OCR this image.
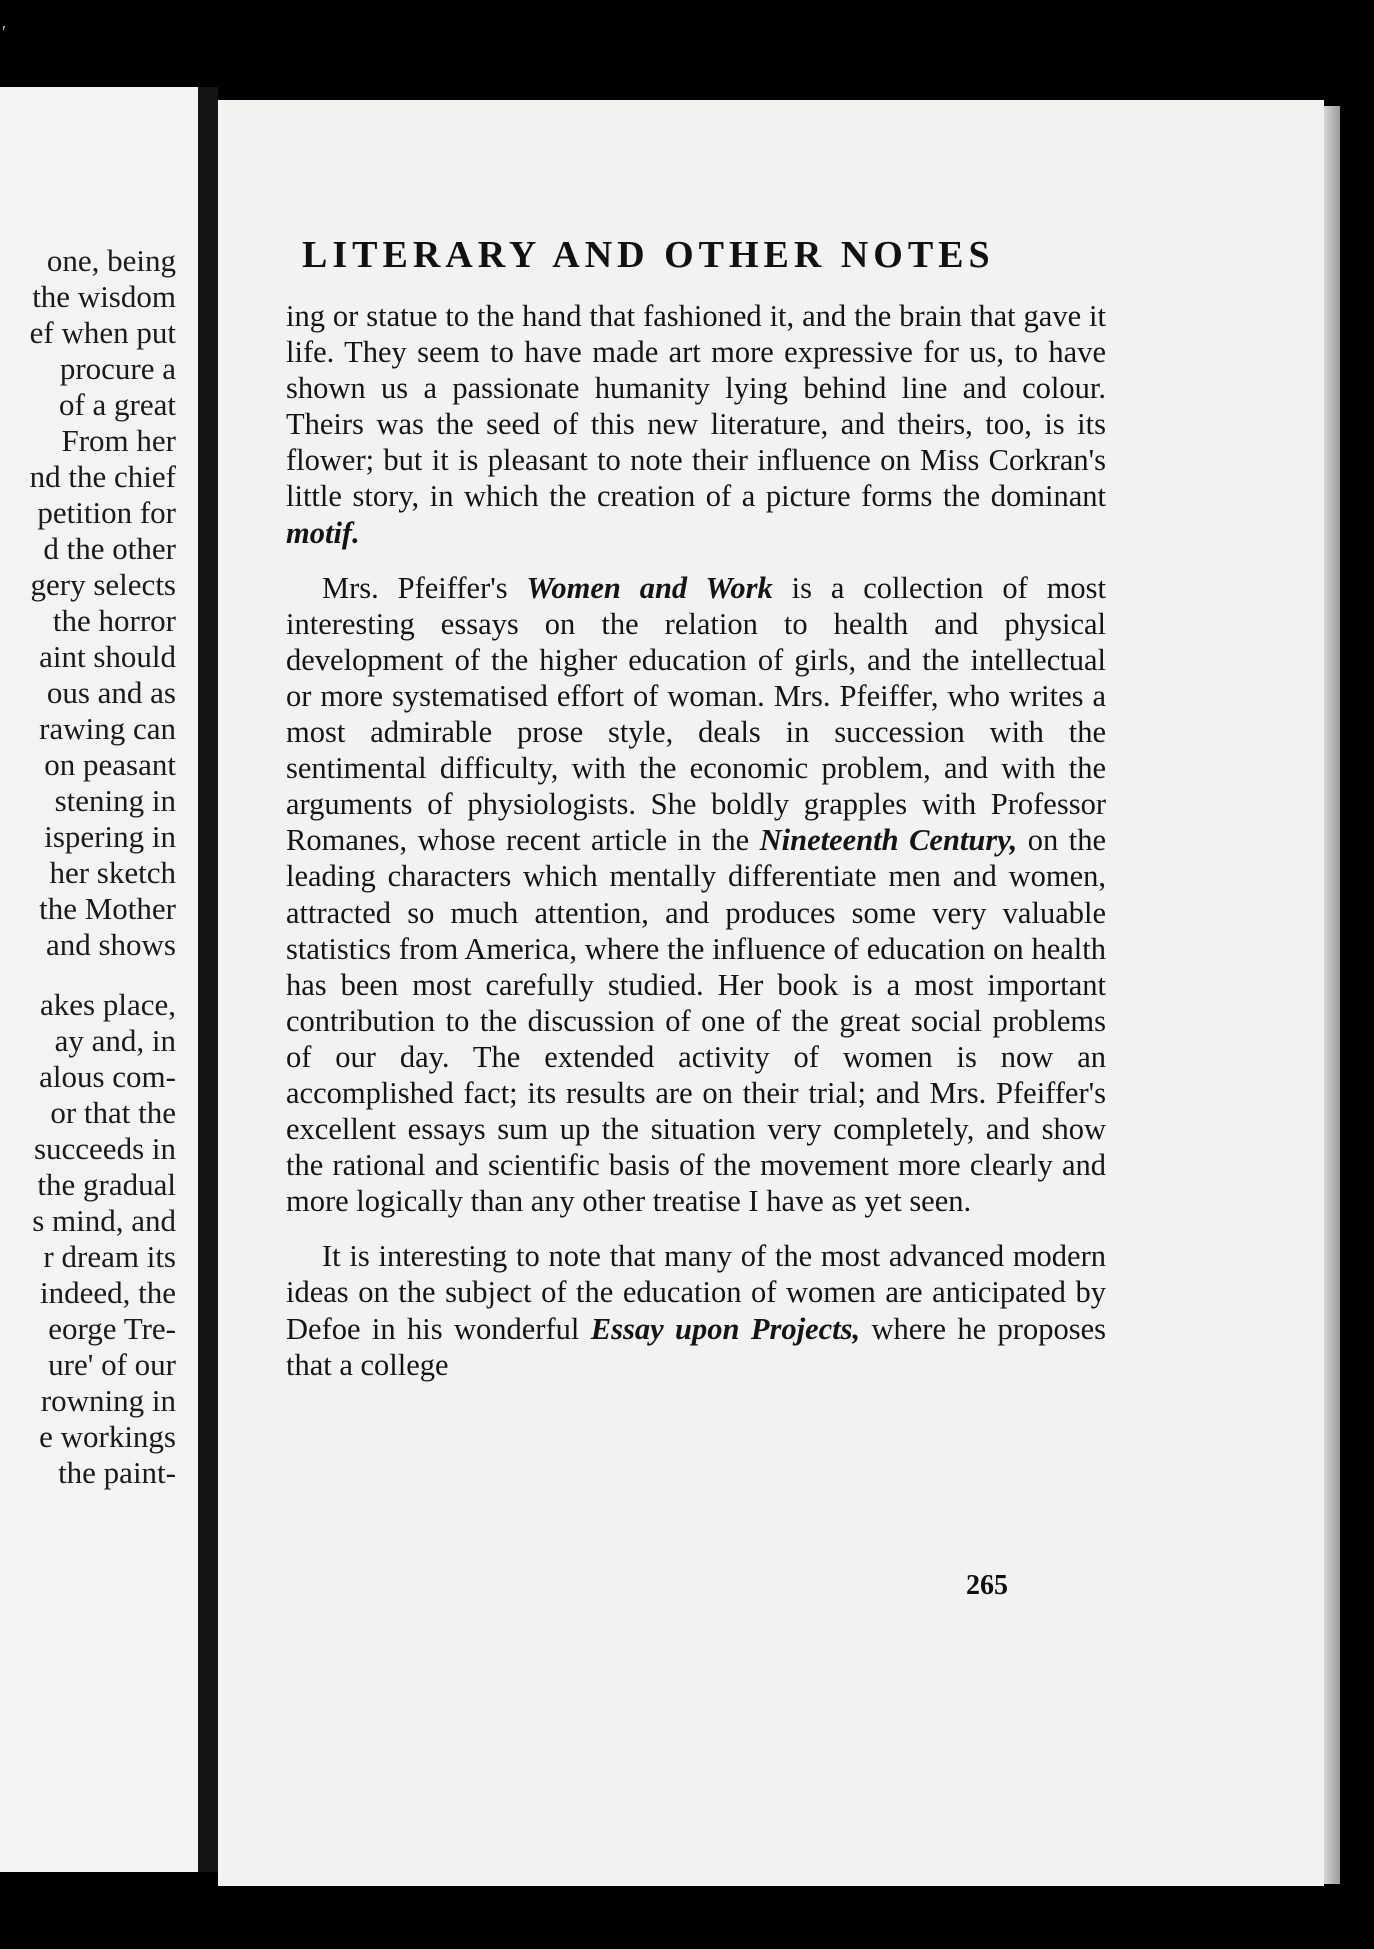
′
one, being
the wisdom
ef when put
procure a
of a great
From her
nd the chief
petition for
d the other
gery selects
the horror
aint should
ous and as
rawing can
on peasant
stening in
ispering in
her sketch
the Mother
and shows
akes place,
ay and, in
alous com-
or that the
succeeds in
the gradual
s mind, and
r dream its
indeed, the
eorge Tre-
ure' of our
rowning in
e workings
the paint-
LITERARY AND OTHER NOTES

ing or statue to the hand that fashioned it, and the brain that gave it life. They seem to have made art more expressive for us, to have shown us a passionate humanity lying behind line and colour. Theirs was the seed of this new literature, and theirs, too, is its flower; but it is pleasant to note their influence on Miss Corkran's little story, in which the creation of a picture forms the dominant motif.

Mrs. Pfeiffer's Women and Work is a collection of most interesting essays on the relation to health and physical development of the higher education of girls, and the intellectual or more systematised effort of woman. Mrs. Pfeiffer, who writes a most admirable prose style, deals in succession with the sentimental difficulty, with the economic problem, and with the arguments of physiologists. She boldly grapples with Professor Romanes, whose recent article in the Nineteenth Century, on the leading characters which mentally differentiate men and women, attracted so much attention, and produces some very valuable statistics from America, where the influence of education on health has been most carefully studied. Her book is a most important contribution to the discussion of one of the great social problems of our day. The extended activity of women is now an accomplished fact; its results are on their trial; and Mrs. Pfeiffer's excellent essays sum up the situation very completely, and show the rational and scientific basis of the movement more clearly and more logically than any other treatise I have as yet seen.

It is interesting to note that many of the most advanced modern ideas on the subject of the education of women are anticipated by Defoe in his wonderful Essay upon Projects, where he proposes that a college

265
